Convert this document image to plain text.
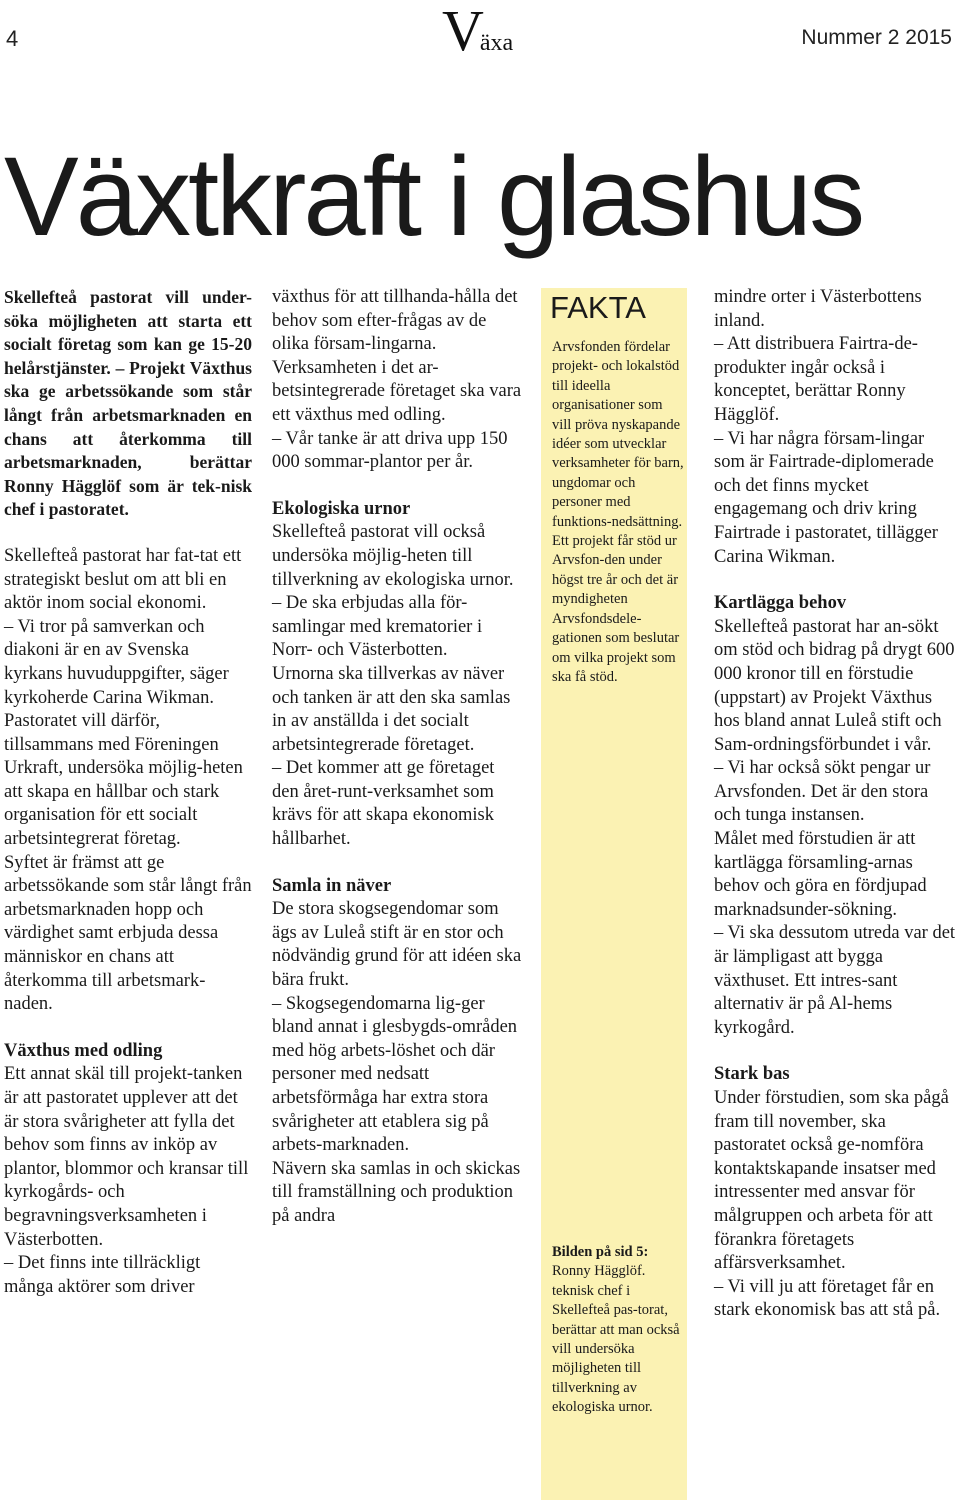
4	Växa	Nummer 2 2015
Växtkraft i glashus

Skellefteå pastorat vill under-söka möjligheten att starta ett socialt företag som kan ge 15-20 helårstjänster. – Projekt Växthus ska ge arbetssökande som står långt från arbetsmarknaden en chans att återkomma till arbetsmarknaden, berättar Ronny Hägglöf som är tek-nisk chef i pastoratet.

Skellefteå pastorat har fat-tat ett strategiskt beslut om att bli en aktör inom social ekonomi.

– Vi tror på samverkan och diakoni är en av Svenska kyrkans huvuduppgifter, säger kyrkoherde Carina Wikman.

Pastoratet vill därför, tillsammans med Föreningen Urkraft, undersöka möjlig-heten att skapa en hållbar och stark organisation för ett socialt arbetsintegrerat företag.

Syftet är främst att ge arbetssökande som står långt från arbetsmarknaden hopp och värdighet samt erbjuda dessa människor en chans att återkomma till arbetsmark-naden.

Växthus med odling

Ett annat skäl till projekt-tanken är att pastoratet upplever att det är stora svårigheter att fylla det behov som finns av inköp av plantor, blommor och kransar till kyrkogårds- och begravningsverksamheten i Västerbotten.

– Det finns inte tillräckligt många aktörer som driver

växthus för att tillhanda-hålla det behov som efter-frågas av de olika försam-lingarna.

Verksamheten i det ar-betsintegrerade företaget ska vara ett växthus med odling.

– Vår tanke är att driva upp 150 000 sommar-plantor per år.

Ekologiska urnor

Skellefteå pastorat vill också undersöka möjlig-heten till tillverkning av ekologiska urnor.

– De ska erbjudas alla för-samlingar med krematorier i Norr- och Västerbotten.

Urnorna ska tillverkas av näver och tanken är att den ska samlas in av anställda i det socialt arbetsintegrerade företaget.

– Det kommer att ge företaget den året-runt-verksamhet som krävs för att skapa ekonomisk hållbarhet.

Samla in näver

De stora skogsegendomar som ägs av Luleå stift är en stor och nödvändig grund för att idéen ska bära frukt.

– Skogsegendomarna lig-ger bland annat i glesbygds-områden med hög arbets-löshet och där personer med nedsatt arbetsförmåga har extra stora svårigheter att etablera sig på arbets-marknaden.

Nävern ska samlas in och skickas till framställning och produktion på andra

FAKTA
Arvsfonden fördelar projekt- och lokalstöd till ideella organisationer som vill pröva nyskapande idéer som utvecklar verksamheter för barn, ungdomar och personer med funktions-nedsättning. Ett projekt får stöd ur Arvsfon-den under högst tre år och det är myndigheten Arvsfondsdele-gationen som beslutar om vilka projekt som ska få stöd.

Bilden på sid 5:

Ronny Hägglöf. teknisk chef i Skellefteå pas-torat, berättar att man också vill undersöka möjligheten till tillverkning av ekologiska urnor.

mindre orter i Västerbottens inland.

– Att distribuera Fairtra-de-produkter ingår också i konceptet, berättar Ronny Hägglöf.

– Vi har några försam-lingar som är Fairtrade-diplomerade och det finns mycket engagemang och driv kring Fairtrade i pastoratet, tillägger Carina Wikman.

Kartlägga behov

Skellefteå pastorat har an-sökt om stöd och bidrag på drygt 600 000 kronor till en förstudie (uppstart) av Projekt Växthus hos bland annat Luleå stift och Sam-ordningsförbundet i vår.

– Vi har också sökt pengar ur Arvsfonden. Det är den stora och tunga instansen.

Målet med förstudien är att kartlägga församling-arnas behov och göra en fördjupad marknadsunder-sökning.

– Vi ska dessutom utreda var det är lämpligast att bygga växthuset. Ett intres-sant alternativ är på Al-hems kyrkogård.

Stark bas

Under förstudien, som ska pågå fram till november, ska pastoratet också ge-nomföra kontaktskapande insatser med intressenter med ansvar för målgruppen och arbeta för att förankra företagets affärsverksamhet.

– Vi vill ju att företaget får en stark ekonomisk bas att stå på.
